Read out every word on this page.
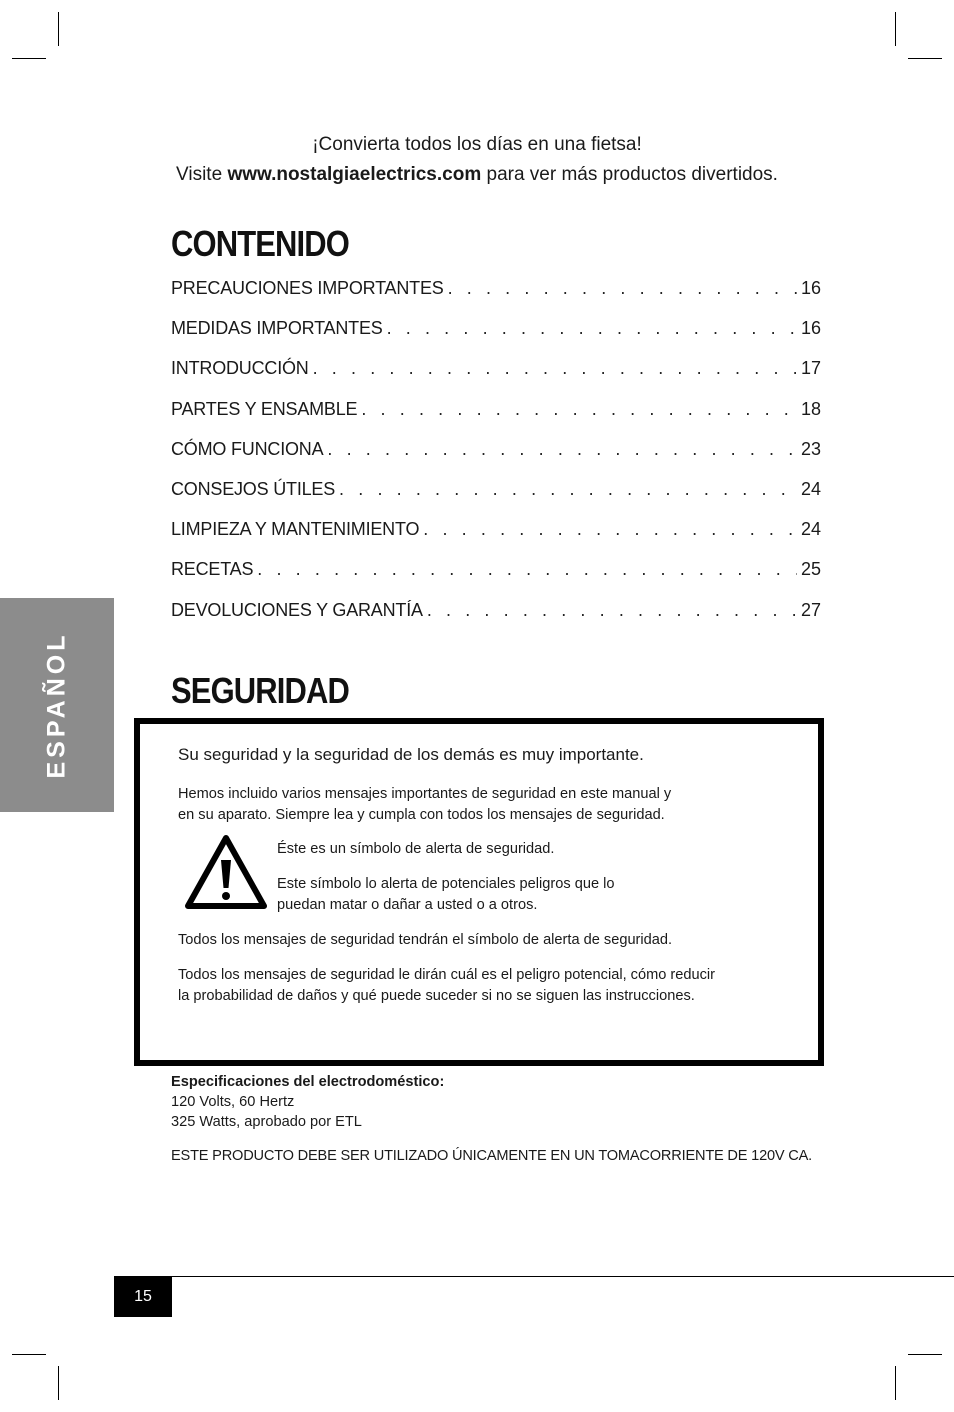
¡Convierta todos los días en una fietsa!
Visite www.nostalgiaelectrics.com para ver más productos divertidos.
CONTENIDO
PRECAUCIONES IMPORTANTES . . .	16
MEDIDAS IMPORTANTES . . .	16
INTRODUCCIÓN . . .	17
PARTES Y ENSAMBLE . . .	18
CÓMO FUNCIONA . . .	23
CONSEJOS ÚTILES . . .	24
LIMPIEZA Y MANTENIMIENTO . . .	24
RECETAS . . .	25
DEVOLUCIONES Y GARANTÍA . . .	27
ESPAÑOL	SEGURIDAD
Su seguridad y la seguridad de los demás es muy importante.
Hemos incluido varios mensajes importantes de seguridad en este manual y
en su aparato. Siempre lea y cumpla con todos los mensajes de seguridad.
Éste es un símbolo de alerta de seguridad.
Este símbolo lo alerta de potenciales peligros que lo
puedan matar o dañar a usted o a otros.
Todos los mensajes de seguridad tendrán el símbolo de alerta de seguridad.
Todos los mensajes de seguridad le dirán cuál es el peligro potencial, cómo reducir
la probabilidad de daños y qué puede suceder si no se siguen las instrucciones.
Especificaciones del electrodoméstico:
120 Volts, 60 Hertz
325 Watts, aprobado por ETL
ESTE PRODUCTO DEBE SER UTILIZADO ÚNICAMENTE EN UN TOMACORRIENTE DE 120V CA.
15
